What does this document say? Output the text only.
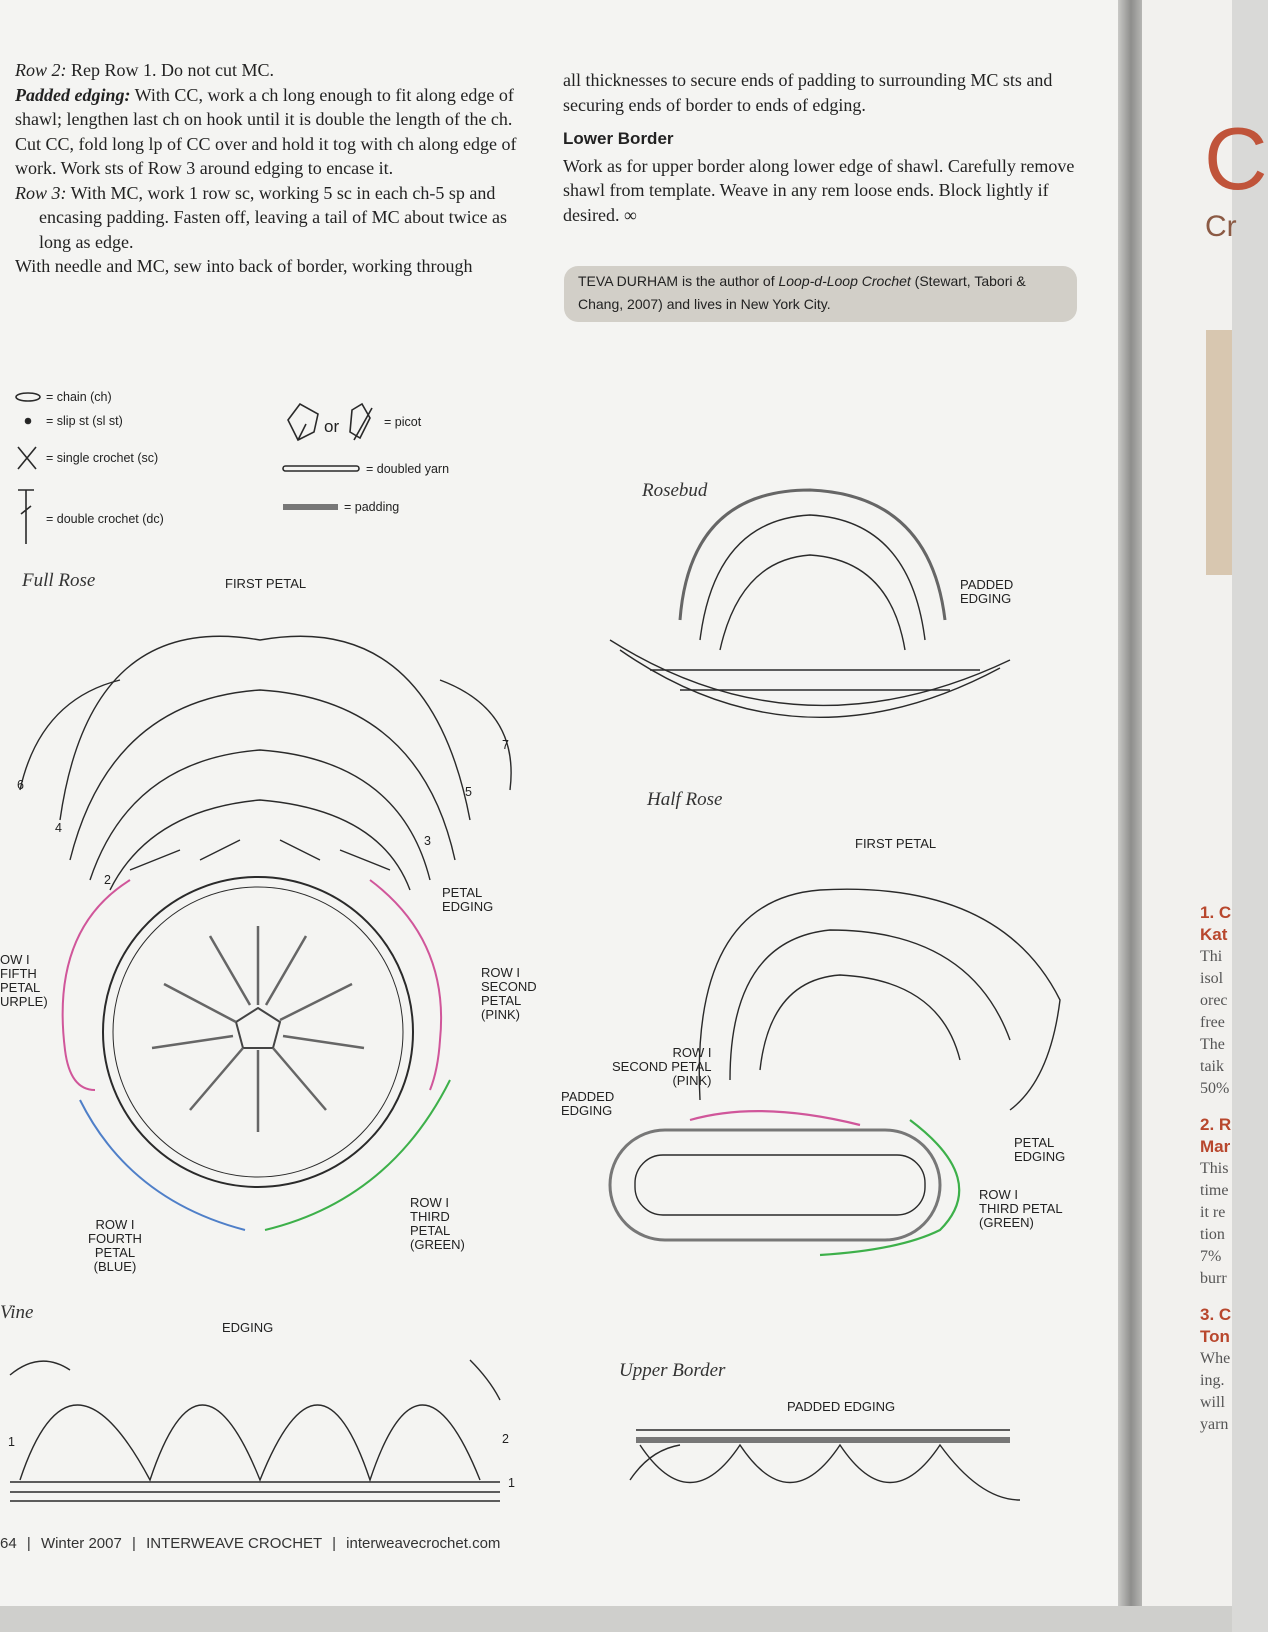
Row 2: Rep Row 1. Do not cut MC.

Padded edging: With CC, work a ch long enough to fit along edge of shawl; lengthen last ch on hook until it is double the length of the ch. Cut CC, fold long lp of CC over and hold it tog with ch along edge of work. Work sts of Row 3 around edging to encase it.

Row 3: With MC, work 1 row sc, working 5 sc in each ch-5 sp and encasing padding. Fasten off, leaving a tail of MC about twice as long as edge.

With needle and MC, sew into back of border, working through

all thicknesses to secure ends of padding to surrounding MC sts and securing ends of border to ends of edging.

Lower Border

Work as for upper border along lower edge of shawl. Carefully remove shawl from template. Weave in any rem loose ends. Block lightly if desired. ∞

TEVA DURHAM is the author of Loop-d-Loop Crochet (Stewart, Tabori & Chang, 2007) and lives in New York City.
= chain (ch)
= slip st (sl st)
= single crochet (sc)
= double crochet (dc)
or	= picot
= doubled yarn
= padding
Full Rose	FIRST PETAL
PETAL
EDGING
OW I
FIFTH
PETAL
URPLE)
ROW I
SECOND
PETAL
(PINK)
ROW I
THIRD
PETAL
(GREEN)
ROW I
FOURTH
PETAL
(BLUE)
Rosebud
PADDED
EDGING
Half Rose
FIRST PETAL
ROW I
SECOND PETAL
(PINK)
PADDED
EDGING
PETAL
EDGING
ROW I
THIRD PETAL
(GREEN)
Vine
EDGING
Upper Border
PADDED EDGING
6
4
2
3
5
7
1	2
1
64 | Winter 2007 | INTERWEAVE CROCHET | interweavecrochet.com
C
Cr
1. C
Kat
Thi
isol
orec
free
The
taik
50%
2. R
Mar
This
time
it re
tion
7%
burr
3. C
Ton
Whe
ing.
will
yarn
